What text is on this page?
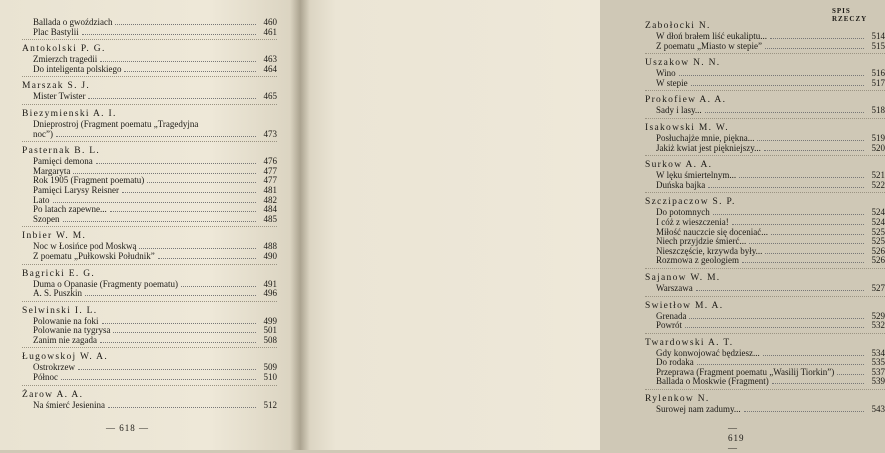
Ballada o gwoździach	460
Plac Bastylii	461
Antokolski P. G.
Zmierzch tragedii	463
Do inteligenta polskiego	464
Marszak S. J.
Mister Twister	465
Biezymienski A. I.
Dnieprostroj (Fragment poematu „Tragedyjna
noc”)	473
Pasternak B. L.
Pamięci demona	476
Margaryta	477
Rok 1905 (Fragment poematu)	477
Pamięci Larysy Reisner	481
Lato	482
Po latach zapewne...	484
Szopen	485
Inbier W. M.
Noc w Łosińce pod Moskwą	488
Z poematu „Pułkowski Południk”	490
Bagricki E. G.
Duma o Opanasie (Fragmenty poematu)	491
A. S. Puszkin	496
Selwinski I. L.
Polowanie na foki	499
Polowanie na tygrysa	501
Zanim nie zagada	508
Ługowskoj W. A.
Ostrokrzew	509
Północ	510
Żarow A. A.
Na śmierć Jesienina	512
— 618 —
SPIS RZECZY
Zabołocki N.
W dłoń brałem liść eukaliptu...	514
Z poematu „Miasto w stepie”	515
Uszakow N. N.
Wino	516
W stepie	517
Prokofiew A. A.
Sady i lasy...	518
Isakowski M. W.
Posłuchajże mnie, piękna...	519
Jakiż kwiat jest piękniejszy...	520
Surkow A. A.
W lęku śmiertelnym...	521
Duńska bajka	522
Szczipaczow S. P.
Do potomnych	524
I cóż z wieszczenia!	524
Miłość nauczcie się doceniać...	525
Niech przyjdzie śmierć...	525
Nieszczęście, krzywda były...	526
Rozmowa z geologiem	526
Sajanow W. M.
Warszawa	527
Swietłow M. A.
Grenada	529
Powrót	532
Twardowski A. T.
Gdy konwojować będziesz...	534
Do rodaka	535
Przeprawa (Fragment poematu „Wasilij Tiorkin”)	537
Ballada o Moskwie (Fragment)	539
Rylenkow N.
Surowej nam zadumy...	543
— 619 —
